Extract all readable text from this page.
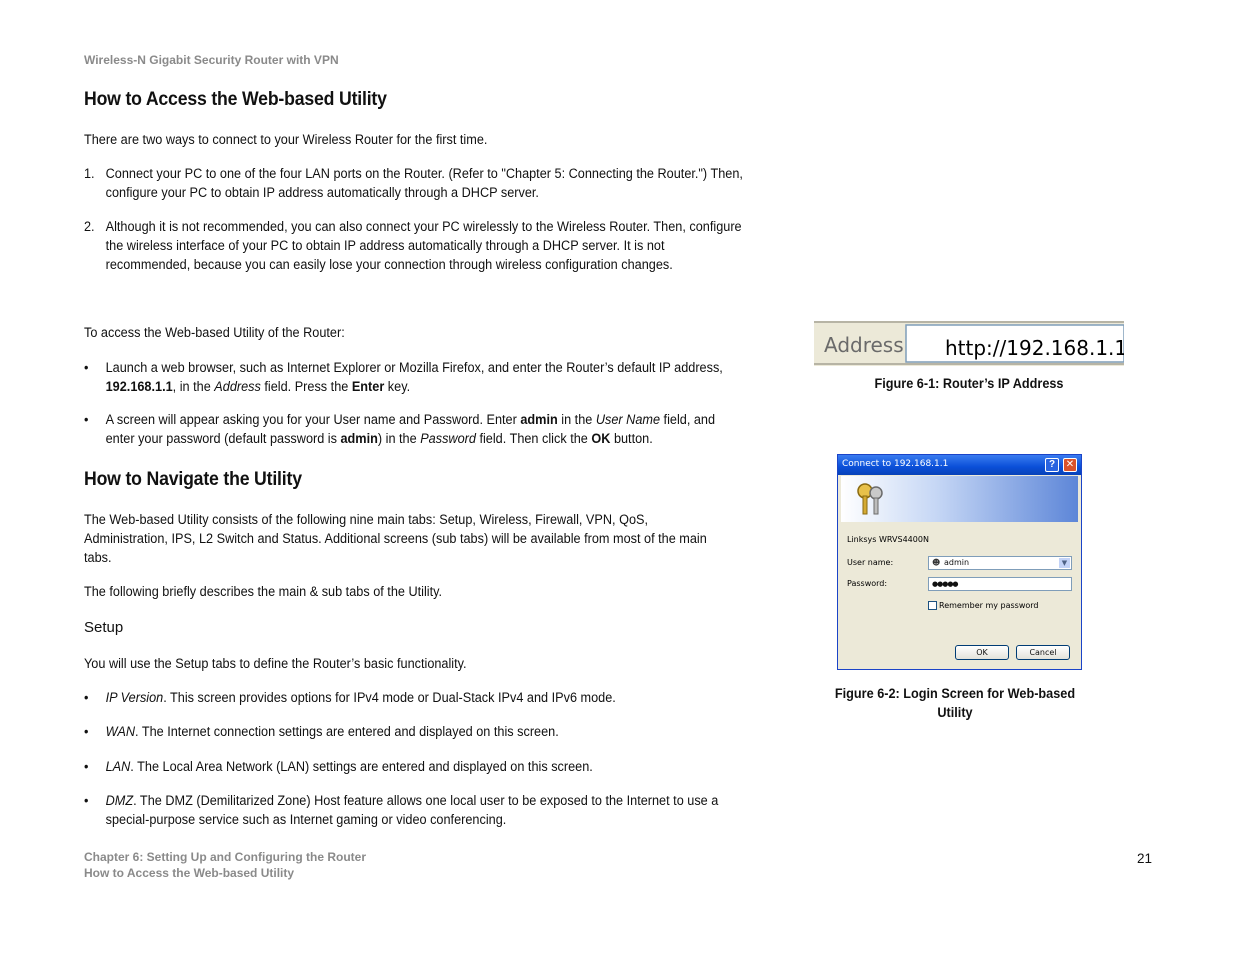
Wireless-N Gigabit Security Router with VPN
How to Access the Web-based Utility
There are two ways to connect to your Wireless Router for the first time.
1. Connect your PC to one of the four LAN ports on the Router. (Refer to "Chapter 5: Connecting the Router.") Then, configure your PC to obtain IP address automatically through a DHCP server.
2. Although it is not recommended, you can also connect your PC wirelessly to the Wireless Router. Then, configure the wireless interface of your PC to obtain IP address automatically through a DHCP server. It is not recommended, because you can easily lose your connection through wireless configuration changes.
To access the Web-based Utility of the Router:
• Launch a web browser, such as Internet Explorer or Mozilla Firefox, and enter the Router’s default IP address, 192.168.1.1, in the Address field. Press the Enter key.
• A screen will appear asking you for your User name and Password. Enter admin in the User Name field, and enter your password (default password is admin) in the Password field. Then click the OK button.
How to Navigate the Utility
The Web-based Utility consists of the following nine main tabs: Setup, Wireless, Firewall, VPN, QoS, Administration, IPS, L2 Switch and Status. Additional screens (sub tabs) will be available from most of the main tabs.
The following briefly describes the main & sub tabs of the Utility.
Setup
You will use the Setup tabs to define the Router’s basic functionality.
• IP Version. This screen provides options for IPv4 mode or Dual-Stack IPv4 and IPv6 mode.
• WAN. The Internet connection settings are entered and displayed on this screen.
• LAN. The Local Area Network (LAN) settings are entered and displayed on this screen.
• DMZ. The DMZ (Demilitarized Zone) Host feature allows one local user to be exposed to the Internet to use a special-purpose service such as Internet gaming or video conferencing.
Address http://192.168.1.1
Figure 6-1: Router’s IP Address
Connect to 192.168.1.1	?	✕
Linksys WRVS4400N
User name:	☻ admin	▼
Password:	●●●●●
Remember my password
OK	Cancel
Figure 6-2: Login Screen for Web-based Utility
Chapter 6: Setting Up and Configuring the Router
How to Access the Web-based Utility
21
